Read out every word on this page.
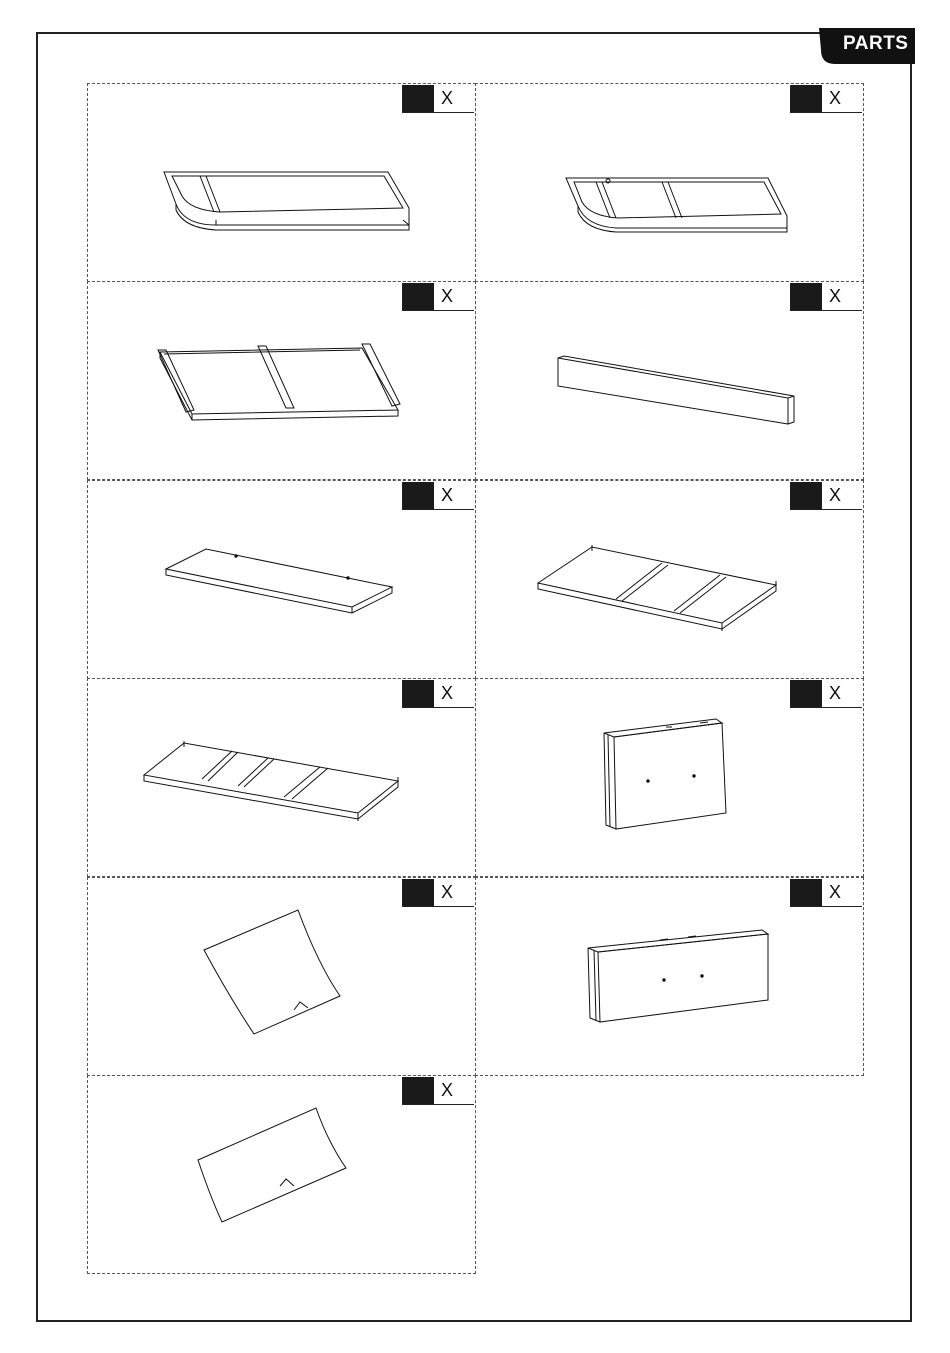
PARTS
X	X
X	X
X	X
X	X
X	X
X
